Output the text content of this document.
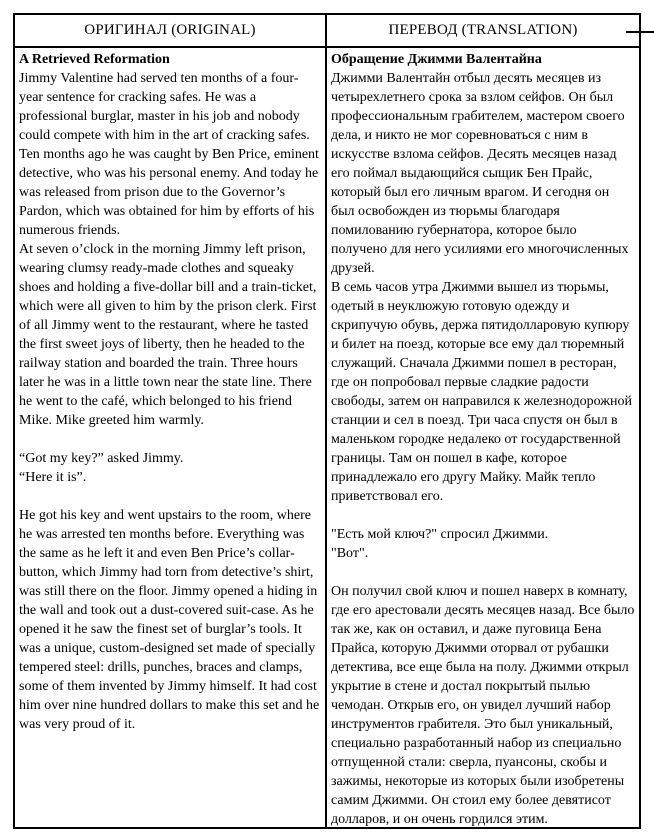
ОРИГИНАЛ (ORIGINAL)	ПЕРЕВОД (TRANSLATION)
A Retrieved Reformation
Jimmy Valentine had served ten months of a four-year sentence for cracking safes. He was a professional burglar, master in his job and nobody could compete with him in the art of cracking safes. Ten months ago he was caught by Ben Price, eminent detective, who was his personal enemy. And today he was released from prison due to the Governor’s Pardon, which was obtained for him by efforts of his numerous friends.
At seven o’clock in the morning Jimmy left prison, wearing clumsy ready-made clothes and squeaky shoes and holding a five-dollar bill and a train-ticket, which were all given to him by the prison clerk. First of all Jimmy went to the restaurant, where he tasted the first sweet joys of liberty, then he headed to the railway station and boarded the train. Three hours later he was in a little town near the state line. There he went to the café, which belonged to his friend Mike. Mike greeted him warmly.
“Got my key?” asked Jimmy.
“Here it is”.
He got his key and went upstairs to the room, where he was arrested ten months before. Everything was the same as he left it and even Ben Price’s collar-button, which Jimmy had torn from detective’s shirt, was still there on the floor. Jimmy opened a hiding in the wall and took out a dust-covered suit-case. As he opened it he saw the finest set of burglar’s tools. It was a unique, custom-designed set made of specially tempered steel: drills, punches, braces and clamps, some of them invented by Jimmy himself. It had cost him over nine hundred dollars to make this set and he was very proud of it.
Обращение Джимми Валентайна
Джимми Валентайн отбыл десять месяцев из четырехлетнего срока за взлом сейфов. Он был профессиональным грабителем, мастером своего дела, и никто не мог соревноваться с ним в искусстве взлома сейфов. Десять месяцев назад его поймал выдающийся сыщик Бен Прайс, который был его личным врагом. И сегодня он был освобожден из тюрьмы благодаря помилованию губернатора, которое было получено для него усилиями его многочисленных друзей.
В семь часов утра Джимми вышел из тюрьмы, одетый в неуклюжую готовую одежду и скрипучую обувь, держа пятидолларовую купюру и билет на поезд, которые все ему дал тюремный служащий. Сначала Джимми пошел в ресторан, где он попробовал первые сладкие радости свободы, затем он направился к железнодорожной станции и сел в поезд. Три часа спустя он был в маленьком городке недалеко от государственной границы. Там он пошел в кафе, которое принадлежало его другу Майку. Майк тепло приветствовал его.
"Есть мой ключ?" спросил Джимми.
"Вот".
Он получил свой ключ и пошел наверх в комнату, где его арестовали десять месяцев назад. Все было так же, как он оставил, и даже пуговица Бена Прайса, которую Джимми оторвал от рубашки детектива, все еще была на полу. Джимми открыл укрытие в стене и достал покрытый пылью чемодан. Открыв его, он увидел лучший набор инструментов грабителя. Это был уникальный, специально разработанный набор из специально отпущенной стали: сверла, пуансоны, скобы и зажимы, некоторые из которых были изобретены самим Джимми. Он стоил ему более девятисот долларов, и он очень гордился этим.
